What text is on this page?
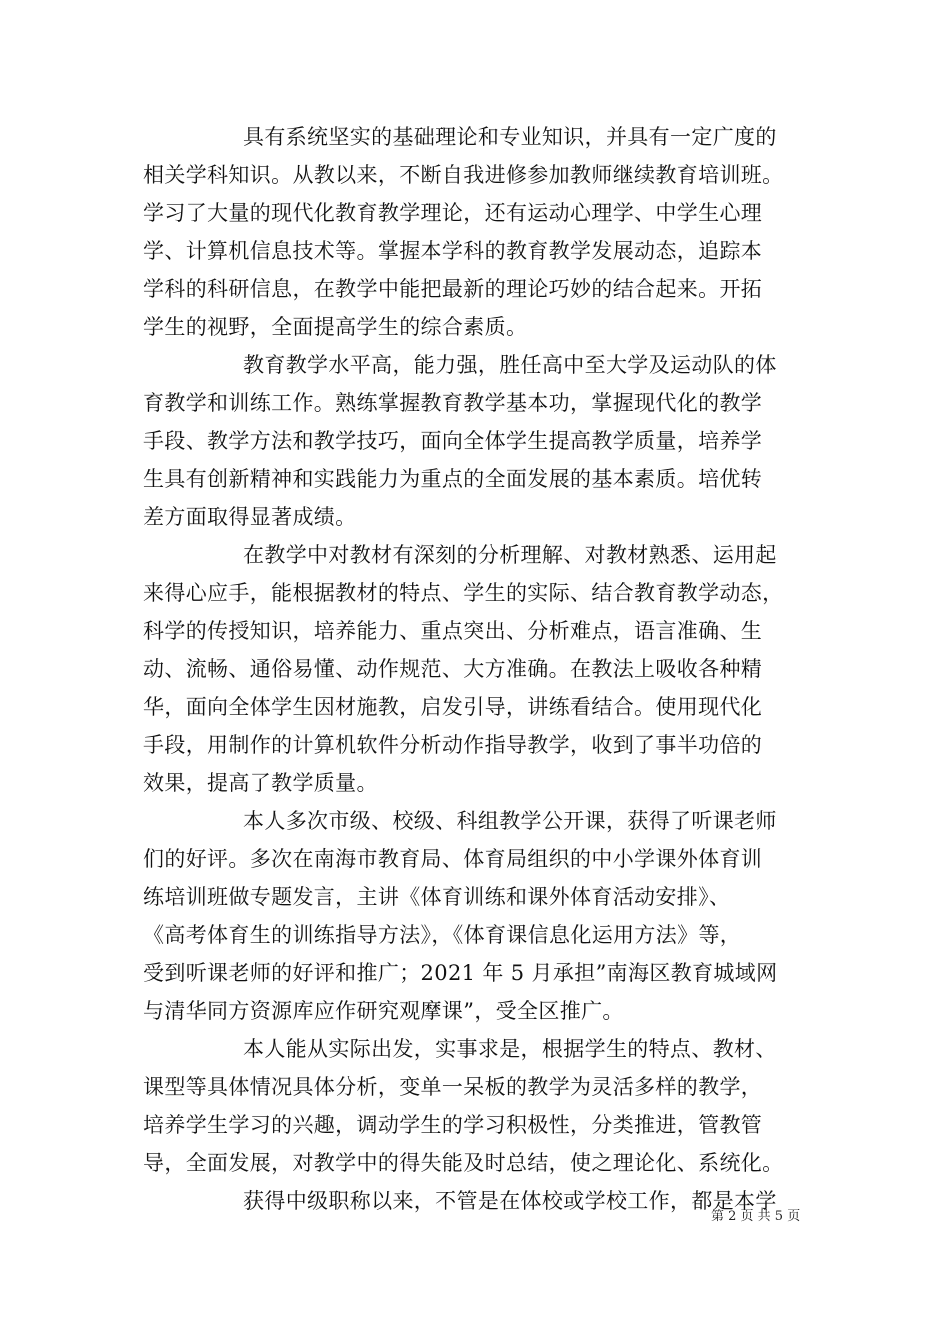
具有系统坚实的基础理论和专业知识，并具有一定广度的
相关学科知识。从教以来，不断自我进修参加教师继续教育培训班。
学习了大量的现代化教育教学理论，还有运动心理学、中学生心理
学、计算机信息技术等。掌握本学科的教育教学发展动态，追踪本
学科的科研信息，在教学中能把最新的理论巧妙的结合起来。开拓
学生的视野，全面提高学生的综合素质。
教育教学水平高，能力强，胜任高中至大学及运动队的体
育教学和训练工作。熟练掌握教育教学基本功，掌握现代化的教学
手段、教学方法和教学技巧，面向全体学生提高教学质量，培养学
生具有创新精神和实践能力为重点的全面发展的基本素质。培优转
差方面取得显著成绩。
在教学中对教材有深刻的分析理解、对教材熟悉、运用起
来得心应手，能根据教材的特点、学生的实际、结合教育教学动态，
科学的传授知识，培养能力、重点突出、分析难点，语言准确、生
动、流畅、通俗易懂、动作规范、大方准确。在教法上吸收各种精
华，面向全体学生因材施教，启发引导，讲练看结合。使用现代化
手段，用制作的计算机软件分析动作指导教学，收到了事半功倍的
效果，提高了教学质量。
本人多次市级、校级、科组教学公开课，获得了听课老师
们的好评。多次在南海市教育局、体育局组织的中小学课外体育训
练培训班做专题发言，主讲《体育训练和课外体育活动安排》、
《高考体育生的训练指导方法》，《体育课信息化运用方法》等，
受到听课老师的好评和推广；2021 年 5 月承担”南海区教育城域网
与清华同方资源库应作研究观摩课”，受全区推广。
本人能从实际出发，实事求是，根据学生的特点、教材、
课型等具体情况具体分析，变单一呆板的教学为灵活多样的教学，
培养学生学习的兴趣，调动学生的学习积极性，分类推进，管教管
导，全面发展，对教学中的得失能及时总结，使之理论化、系统化。
获得中级职称以来，不管是在体校或学校工作，都是本学
第 2 页 共 5 页
